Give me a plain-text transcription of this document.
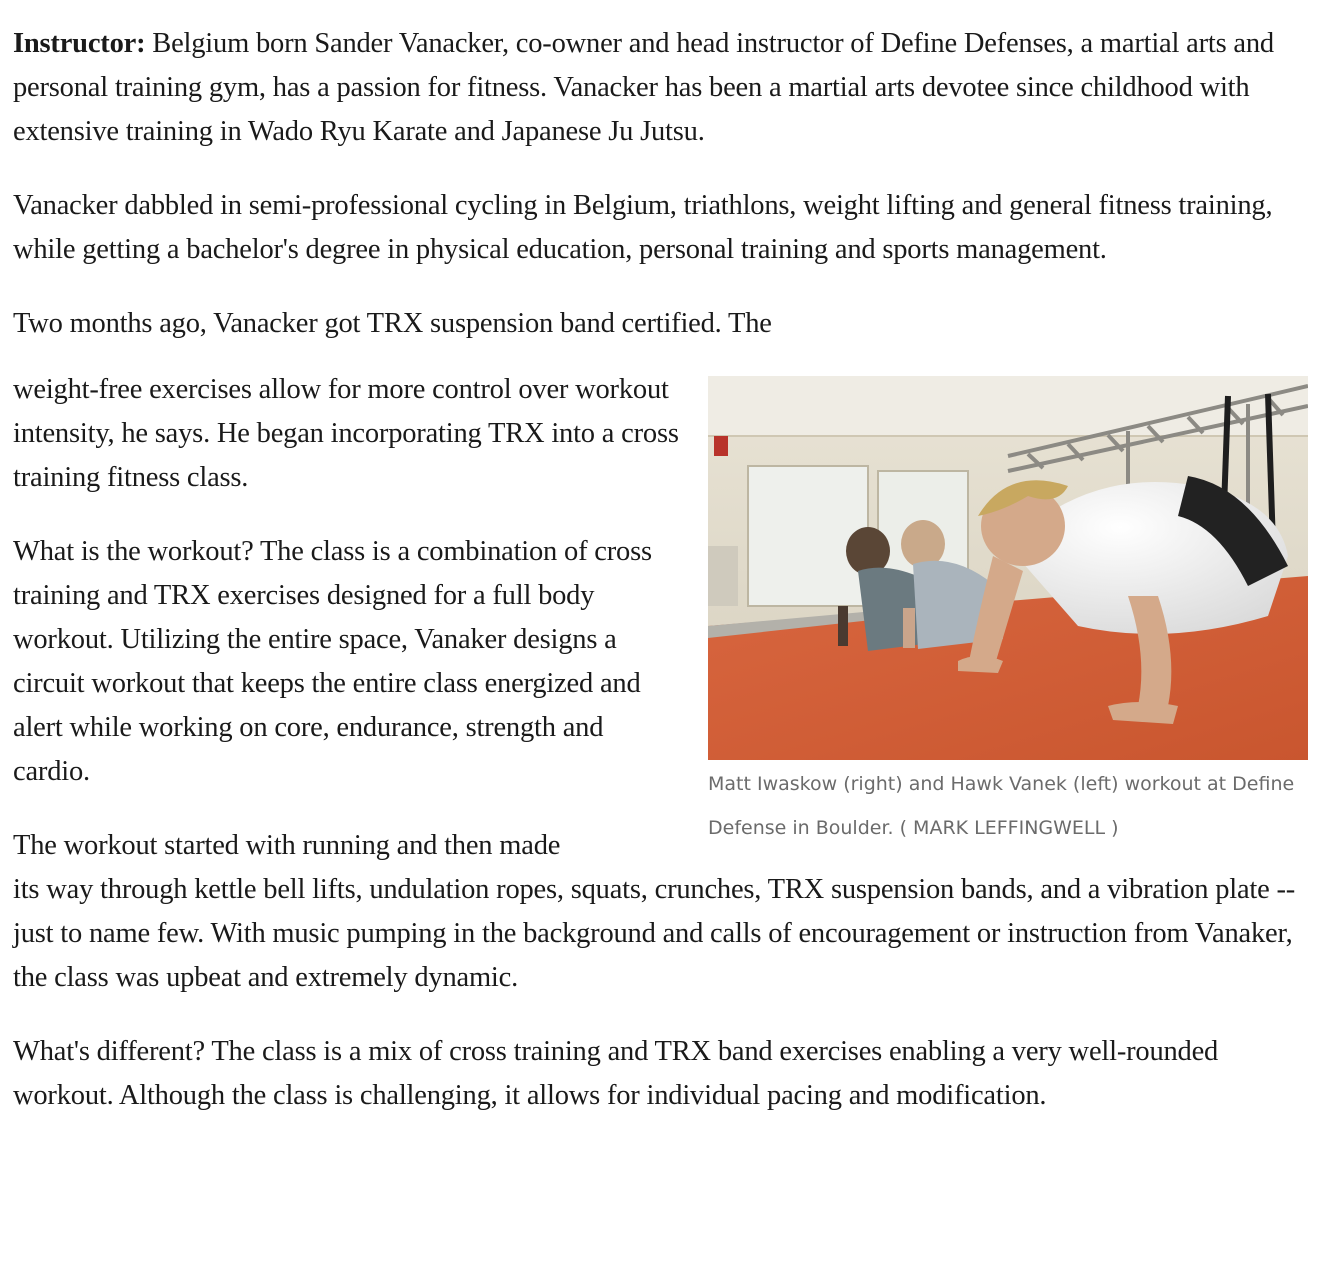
Instructor: Belgium born Sander Vanacker, co-owner and head instructor of Define Defenses, a martial arts and personal training gym, has a passion for fitness. Vanacker has been a martial arts devotee since childhood with extensive training in Wado Ryu Karate and Japanese Ju Jutsu.

Vanacker dabbled in semi-professional cycling in Belgium, triathlons, weight lifting and general fitness training, while getting a bachelor's degree in physical education, personal training and sports management.

Two months ago, Vanacker got TRX suspension band certified. The

Matt Iwaskow (right) and Hawk Vanek (left) workout at Define Defense in Boulder. ( MARK LEFFINGWELL )

weight-free exercises allow for more control over workout intensity, he says. He began incorporating TRX into a cross training fitness class.

What is the workout? The class is a combination of cross training and TRX exercises designed for a full body workout. Utilizing the entire space, Vanaker designs a circuit workout that keeps the entire class energized and alert while working on core, endurance, strength and cardio.

The workout started with running and then made
its way through kettle bell lifts, undulation ropes, squats, crunches, TRX suspension bands, and a vibration plate -- just to name few. With music pumping in the background and calls of encouragement or instruction from Vanaker, the class was upbeat and extremely dynamic.

What's different? The class is a mix of cross training and TRX band exercises enabling a very well-rounded workout. Although the class is challenging, it allows for individual pacing and modification.
